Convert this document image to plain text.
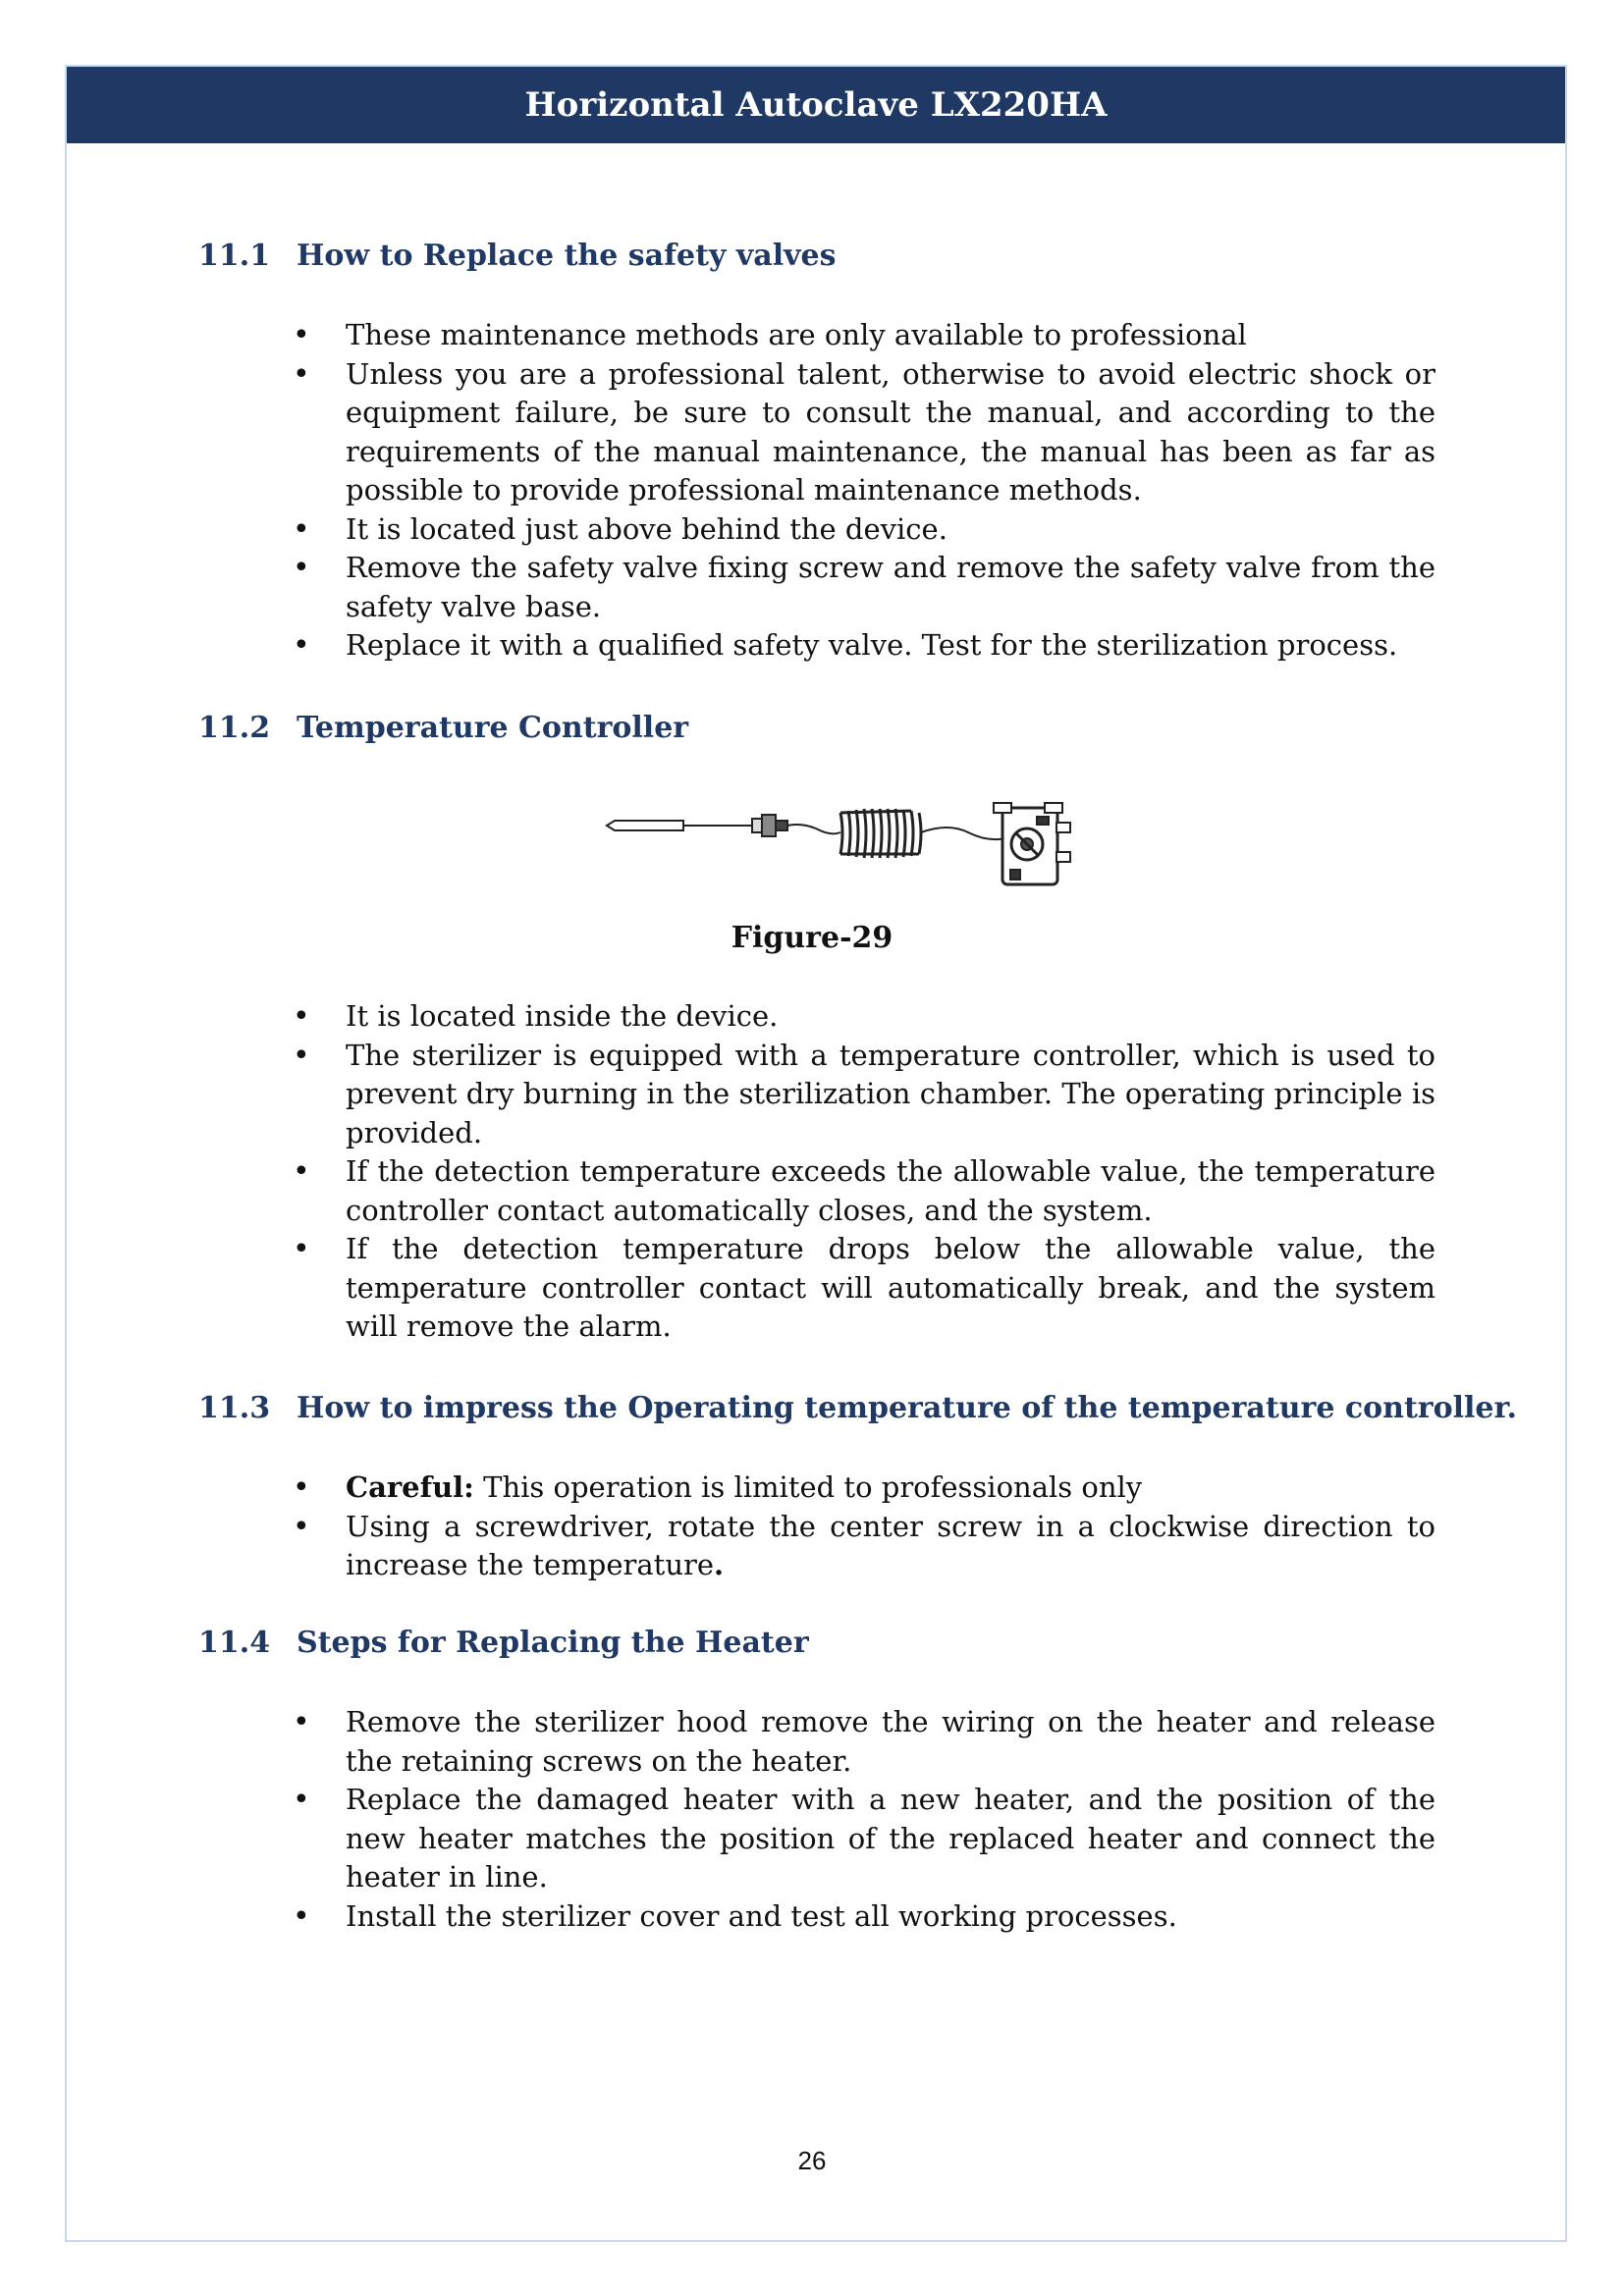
Horizontal Autoclave LX220HA
11.1 How to Replace the safety valves
• These maintenance methods are only available to professional
• Unless you are a professional talent, otherwise to avoid electric shock or equipment failure, be sure to consult the manual, and according to the requirements of the manual maintenance, the manual has been as far as possible to provide professional maintenance methods.
• It is located just above behind the device.
• Remove the safety valve fixing screw and remove the safety valve from the safety valve base.
• Replace it with a qualified safety valve. Test for the sterilization process.
11.2 Temperature Controller
Figure-29
• It is located inside the device.
• The sterilizer is equipped with a temperature controller, which is used to prevent dry burning in the sterilization chamber. The operating principle is provided.
• If the detection temperature exceeds the allowable value, the temperature controller contact automatically closes, and the system.
• If the detection temperature drops below the allowable value, the temperature controller contact will automatically break, and the system will remove the alarm.
11.3 How to impress the Operating temperature of the temperature controller.
• Careful: This operation is limited to professionals only
• Using a screwdriver, rotate the center screw in a clockwise direction to increase the temperature.
11.4 Steps for Replacing the Heater
• Remove the sterilizer hood remove the wiring on the heater and release the retaining screws on the heater.
• Replace the damaged heater with a new heater, and the position of the new heater matches the position of the replaced heater and connect the heater in line.
• Install the sterilizer cover and test all working processes.
26
